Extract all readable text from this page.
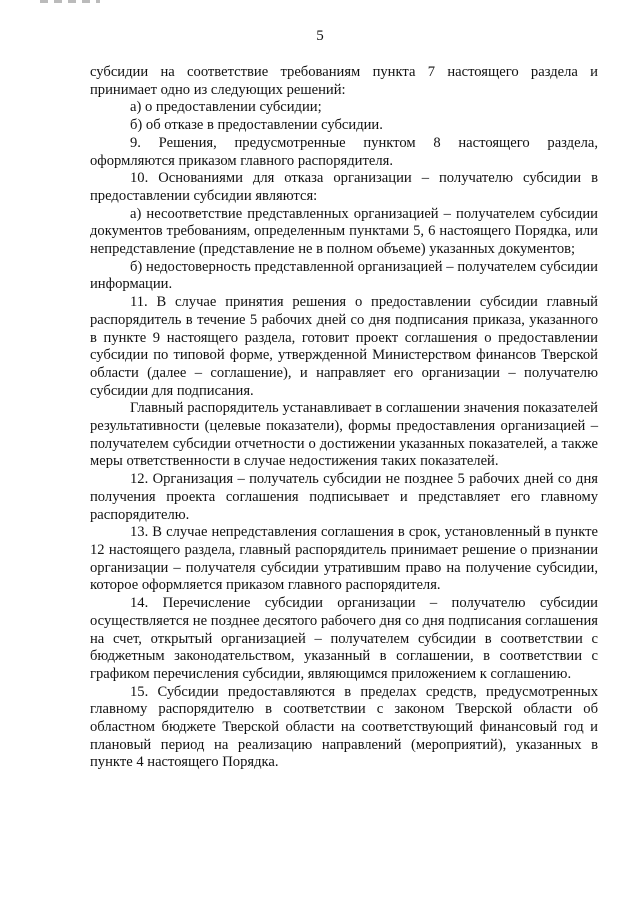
5

субсидии на соответствие требованиям пункта 7 настоящего раздела и принимает одно из следующих решений:

а) о предоставлении субсидии;

б) об отказе в предоставлении субсидии.

9. Решения, предусмотренные пунктом 8 настоящего раздела, оформляются приказом главного распорядителя.

10. Основаниями для отказа организации – получателю субсидии в предоставлении субсидии являются:

а) несоответствие представленных организацией – получателем субсидии документов требованиям, определенным пунктами 5, 6 настоящего Порядка, или непредставление (представление не в полном объеме) указанных документов;

б) недостоверность представленной организацией – получателем субсидии информации.

11. В случае принятия решения о предоставлении субсидии главный распорядитель в течение 5 рабочих дней со дня подписания приказа, указанного в пункте 9 настоящего раздела, готовит проект соглашения о предоставлении субсидии по типовой форме, утвержденной Министерством финансов Тверской области (далее – соглашение), и направляет его организации – получателю субсидии для подписания.

Главный распорядитель устанавливает в соглашении значения показателей результативности (целевые показатели), формы предоставления организацией – получателем субсидии отчетности о достижении указанных показателей, а также меры ответственности в случае недостижения таких показателей.

12. Организация – получатель субсидии не позднее 5 рабочих дней со дня получения проекта соглашения подписывает и представляет его главному распорядителю.

13. В случае непредставления соглашения в срок, установленный в пункте 12 настоящего раздела, главный распорядитель принимает решение о признании организации – получателя субсидии утратившим право на получение субсидии, которое оформляется приказом главного распорядителя.

14. Перечисление субсидии организации – получателю субсидии осуществляется не позднее десятого рабочего дня со дня подписания соглашения на счет, открытый организацией – получателем субсидии в соответствии с бюджетным законодательством, указанный в соглашении, в соответствии с графиком перечисления субсидии, являющимся приложением к соглашению.

15. Субсидии предоставляются в пределах средств, предусмотренных главному распорядителю в соответствии с законом Тверской области об областном бюджете Тверской области на соответствующий финансовый год и плановый период на реализацию направлений (мероприятий), указанных в пункте 4 настоящего Порядка.
